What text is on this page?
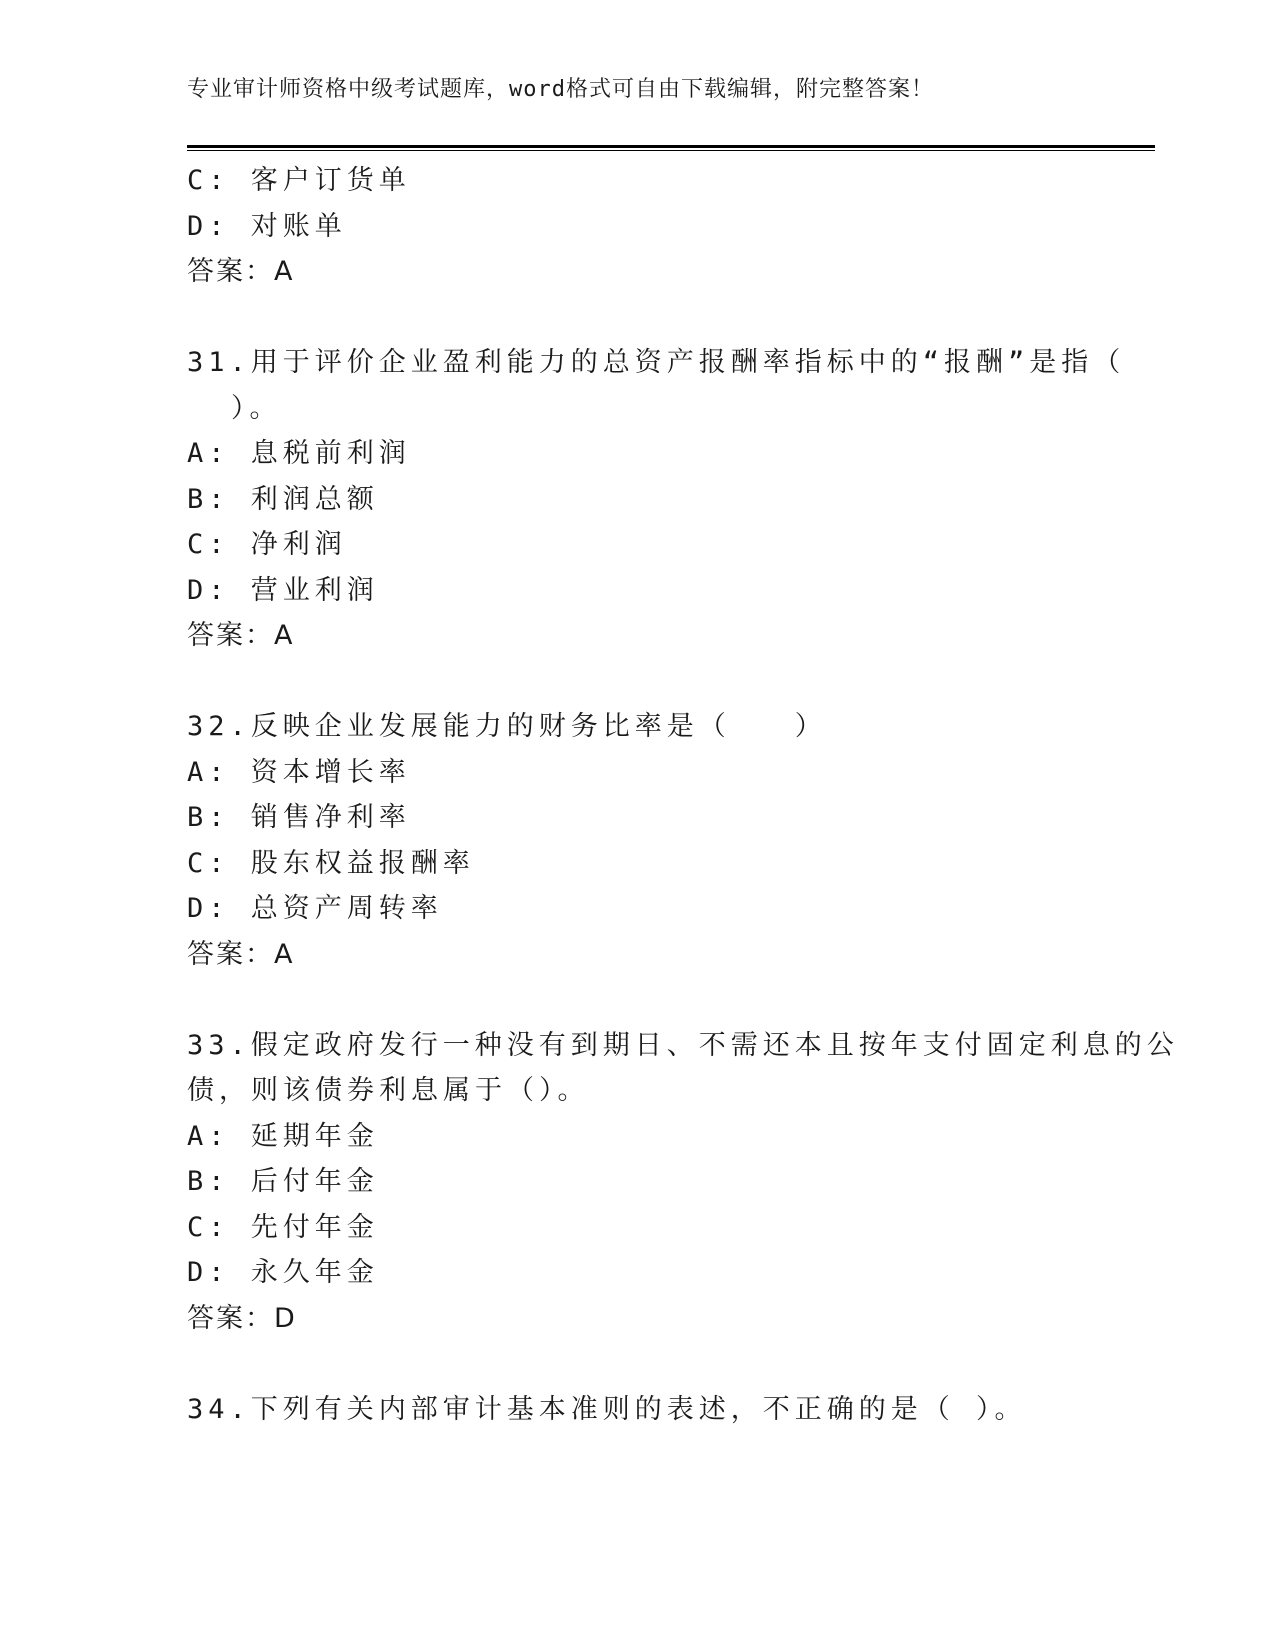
专业审计师资格中级考试题库，word格式可自由下载编辑，附完整答案！
C: 客户订货单
D: 对账单
答案：A
31.用于评价企业盈利能力的总资产报酬率指标中的“报酬”是指（
）。
A: 息税前利润
B: 利润总额
C: 净利润
D: 营业利润
答案：A
32.反映企业发展能力的财务比率是（　　）
A: 资本增长率
B: 销售净利率
C: 股东权益报酬率
D: 总资产周转率
答案：A
33.假定政府发行一种没有到期日、不需还本且按年支付固定利息的公
债，则该债券利息属于（）。
A: 延期年金
B: 后付年金
C: 先付年金
D: 永久年金
答案：D
34.下列有关内部审计基本准则的表述，不正确的是（ ）。
